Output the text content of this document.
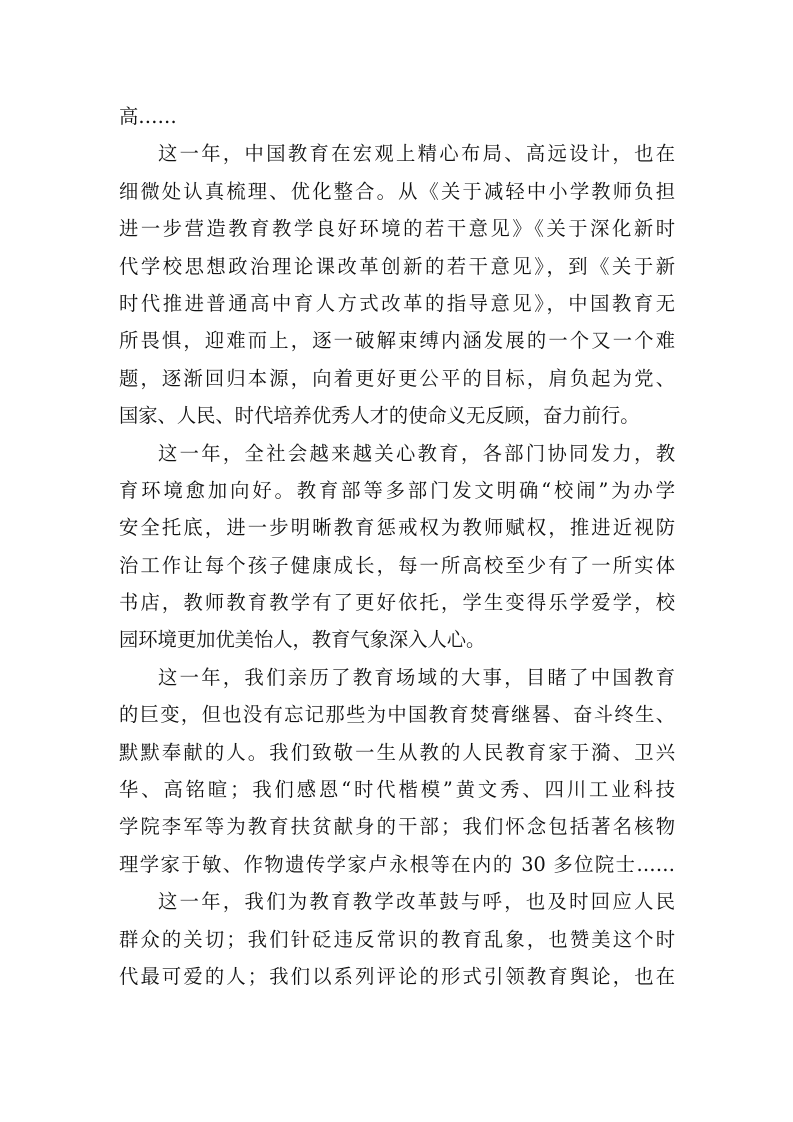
高……
这一年，中国教育在宏观上精心布局、高远设计，也在
细微处认真梳理、优化整合。从《关于减轻中小学教师负担
进一步营造教育教学良好环境的若干意见》《关于深化新时
代学校思想政治理论课改革创新的若干意见》，到《关于新
时代推进普通高中育人方式改革的指导意见》，中国教育无
所畏惧，迎难而上，逐一破解束缚内涵发展的一个又一个难
题，逐渐回归本源，向着更好更公平的目标，肩负起为党、
国家、人民、时代培养优秀人才的使命义无反顾，奋力前行。
这一年，全社会越来越关心教育，各部门协同发力，教
育环境愈加向好。教育部等多部门发文明确“校闹”为办学
安全托底，进一步明晰教育惩戒权为教师赋权，推进近视防
治工作让每个孩子健康成长，每一所高校至少有了一所实体
书店，教师教育教学有了更好依托，学生变得乐学爱学，校
园环境更加优美怡人，教育气象深入人心。
这一年，我们亲历了教育场域的大事，目睹了中国教育
的巨变，但也没有忘记那些为中国教育焚膏继晷、奋斗终生、
默默奉献的人。我们致敬一生从教的人民教育家于漪、卫兴
华、高铭暄；我们感恩“时代楷模”黄文秀、四川工业科技
学院李军等为教育扶贫献身的干部；我们怀念包括著名核物
理学家于敏、作物遗传学家卢永根等在内的 30 多位院士……
这一年，我们为教育教学改革鼓与呼，也及时回应人民
群众的关切；我们针砭违反常识的教育乱象，也赞美这个时
代最可爱的人；我们以系列评论的形式引领教育舆论，也在
